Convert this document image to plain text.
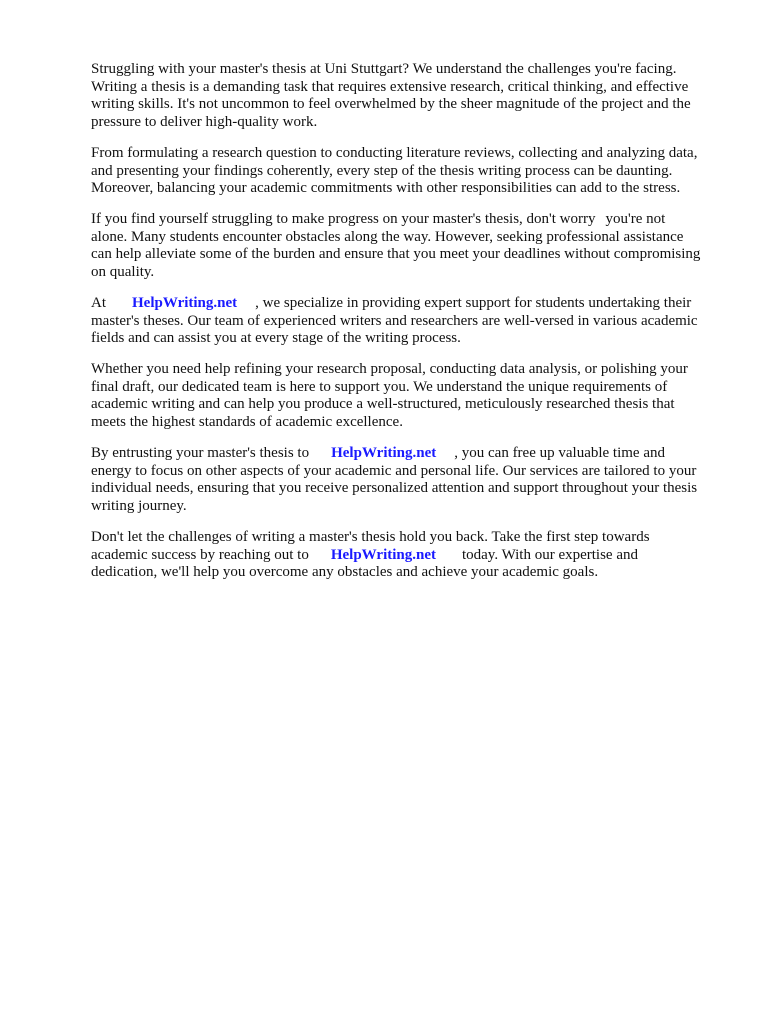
Struggling with your master's thesis at Uni Stuttgart? We understand the challenges you're facing.
Writing a thesis is a demanding task that requires extensive research, critical thinking, and effective
writing skills. It's not uncommon to feel overwhelmed by the sheer magnitude of the project and the
pressure to deliver high-quality work.

From formulating a research question to conducting literature reviews, collecting and analyzing data,
and presenting your findings coherently, every step of the thesis writing process can be daunting.
Moreover, balancing your academic commitments with other responsibilities can add to the stress.

If you find yourself struggling to make progress on your master's thesis, don't worry you're not
alone. Many students encounter obstacles along the way. However, seeking professional assistance
can help alleviate some of the burden and ensure that you meet your deadlines without compromising
on quality.

At HelpWriting.net , we specialize in providing expert support for students undertaking their
master's theses. Our team of experienced writers and researchers are well-versed in various academic
fields and can assist you at every stage of the writing process.

Whether you need help refining your research proposal, conducting data analysis, or polishing your
final draft, our dedicated team is here to support you. We understand the unique requirements of
academic writing and can help you produce a well-structured, meticulously researched thesis that
meets the highest standards of academic excellence.

By entrusting your master's thesis to HelpWriting.net , you can free up valuable time and
energy to focus on other aspects of your academic and personal life. Our services are tailored to your
individual needs, ensuring that you receive personalized attention and support throughout your thesis
writing journey.

Don't let the challenges of writing a master's thesis hold you back. Take the first step towards
academic success by reaching out to HelpWriting.net today. With our expertise and
dedication, we'll help you overcome any obstacles and achieve your academic goals.
